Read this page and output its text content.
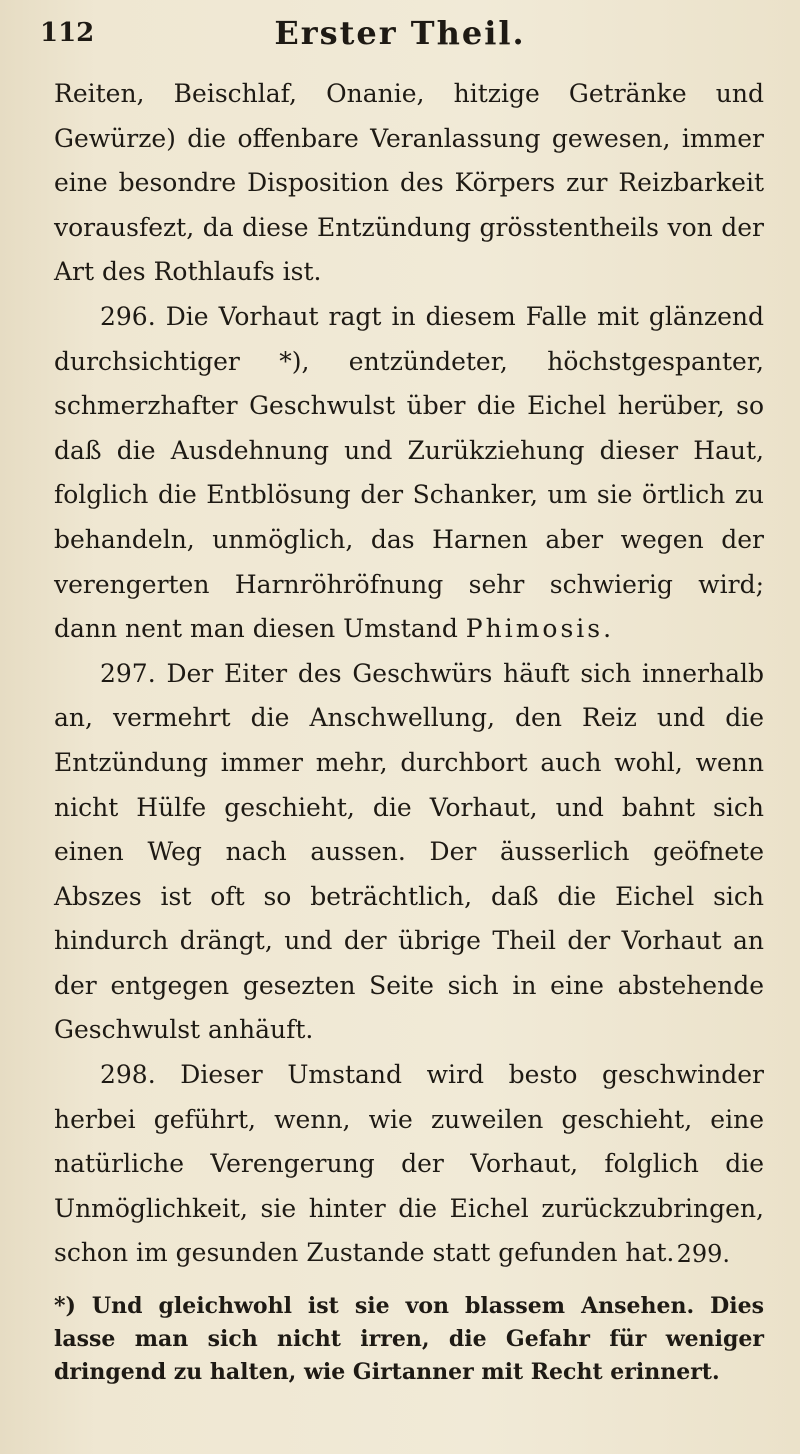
112	Erster Theil.

Reiten, Beischlaf, Onanie, hitzige Getränke und Gewürze) die offenbare Veranlassung gewesen, immer eine besondre Disposition des Körpers zur Reizbarkeit vorausfezt, da diese Entzündung grösstentheils von der Art des Rothlaufs ist.

296. Die Vorhaut ragt in diesem Falle mit glänzend durchsichtiger *), entzündeter, höchstgespanter, schmerzhafter Geschwulst über die Eichel herüber, so daß die Ausdehnung und Zurükziehung dieser Haut, folglich die Entblösung der Schanker, um sie örtlich zu behandeln, unmöglich, das Harnen aber wegen der verengerten Harnröhröfnung sehr schwierig wird; dann nent man diesen Umstand Phimosis.

297. Der Eiter des Geschwürs häuft sich innerhalb an, vermehrt die Anschwellung, den Reiz und die Entzündung immer mehr, durchbort auch wohl, wenn nicht Hülfe geschieht, die Vorhaut, und bahnt sich einen Weg nach aussen. Der äusserlich geöfnete Abszes ist oft so beträchtlich, daß die Eichel sich hindurch drängt, und der übrige Theil der Vorhaut an der entgegen gesezten Seite sich in eine abstehende Geschwulst anhäuft.

298. Dieser Umstand wird besto geschwinder herbei geführt, wenn, wie zuweilen geschieht, eine natürliche Verengerung der Vorhaut, folglich die Unmöglichkeit, sie hinter die Eichel zurückzubringen, schon im gesunden Zustande statt gefunden hat. 299.

*) Und gleichwohl ist sie von blassem Ansehen. Dies lasse man sich nicht irren, die Gefahr für weniger dringend zu halten, wie Girtanner mit Recht erinnert.
